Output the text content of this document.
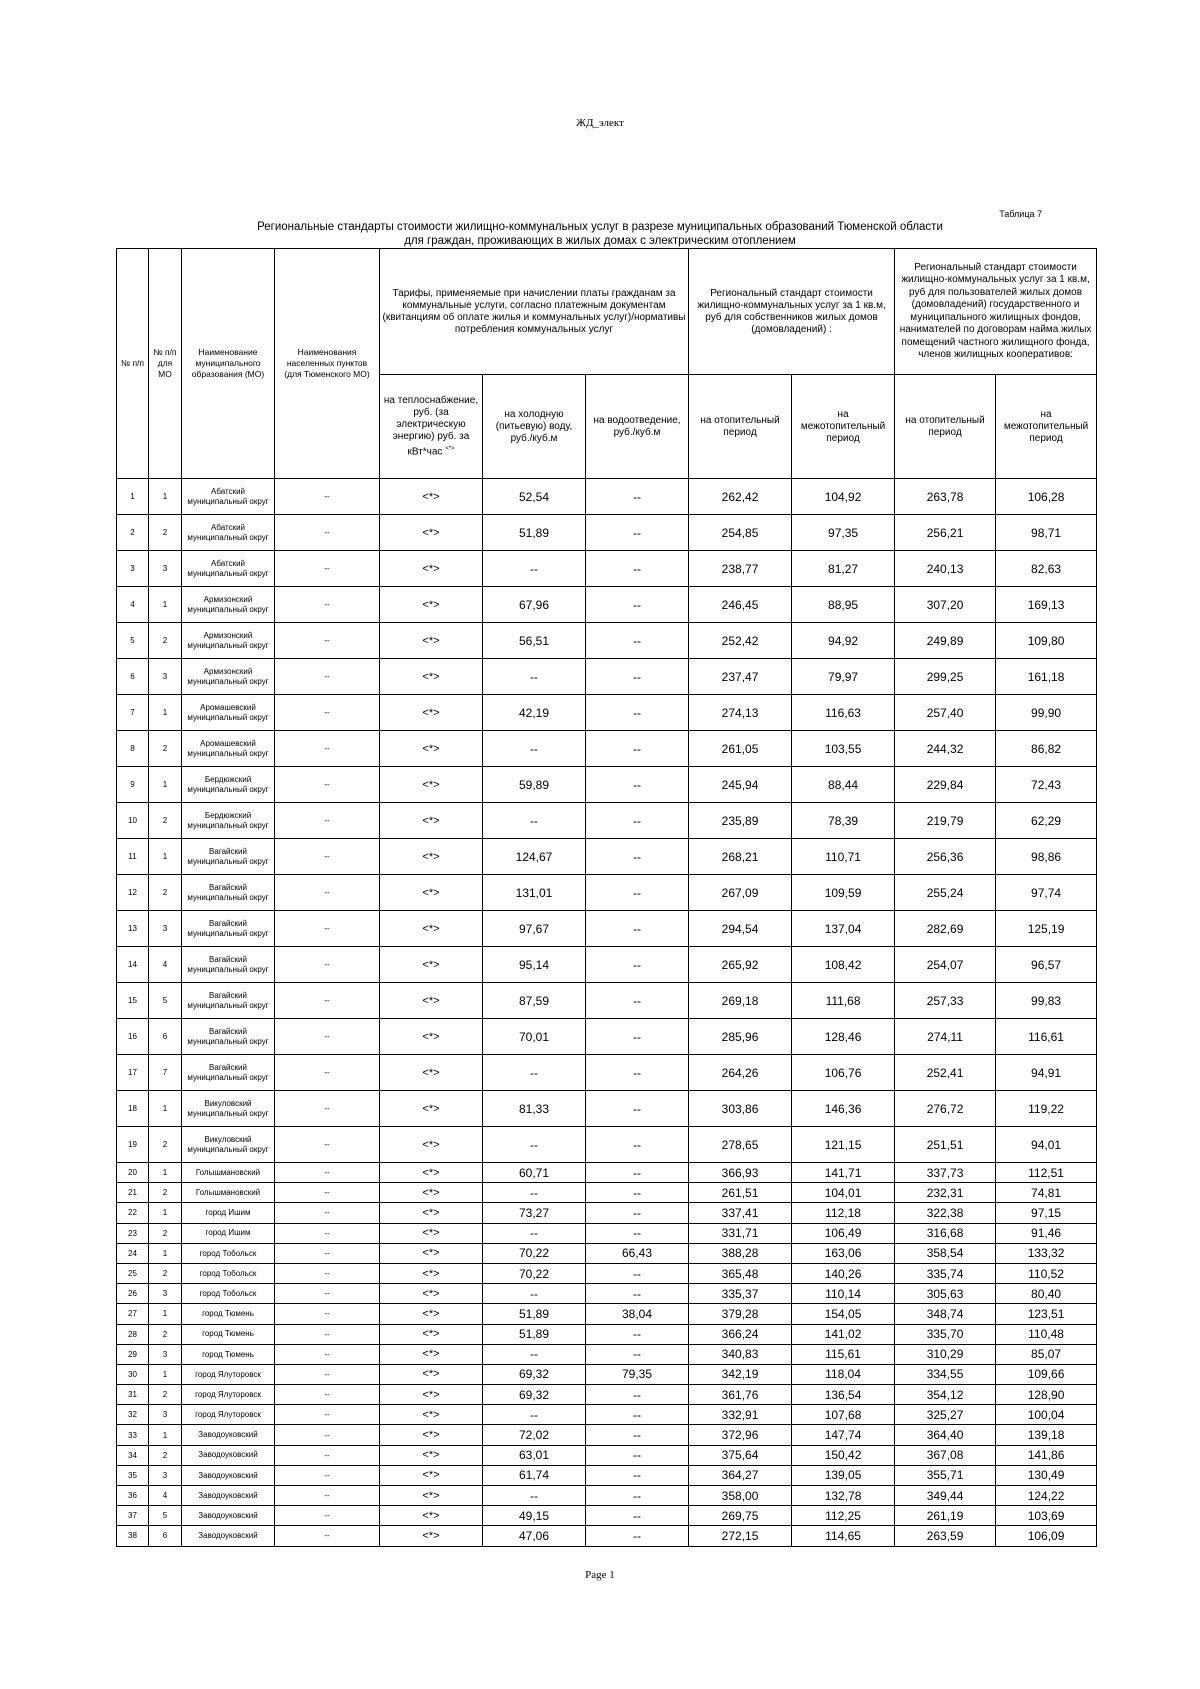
ЖД_элект
Таблица 7
Региональные стандарты стоимости жилищно-коммунальных услуг в разрезе муниципальных образований Тюменской области
для граждан, проживающих в жилых домах с электрическим отоплением
№ п/п	№ п/п для МО	Наименование муниципального образования (МО)	Наименования населенных пунктов (для Тюменского МО)	Тарифы, применяемые при начислении платы гражданам за коммунальные услуги, согласно платежным документам (квитанциям об оплате жилья и коммунальных услуг)/нормативы потребления коммунальных услуг			Региональный стандарт стоимости жилищно-коммунальных услуг за 1 кв.м, руб для собственников жилых домов (домовладений) :		Региональный стандарт стоимости жилищно-коммунальных услуг за 1 кв.м, руб для пользователей жилых домов (домовладений) государственного и муниципального жилищных фондов, нанимателей по договорам найма жилых помещений частного жилищного фонда, членов жилищных кооперативов:	
				на теплоснабжение, руб. (за электрическую энергию) руб. за кВт*час <*>	на холодную (питьевую) воду, руб./куб.м	на водоотведение, руб./куб.м	на отопительный период	на межотопительный период	на отопительный период	на межотопительный период
1	1	Абатский муниципальный округ	--	<*>	52,54	--	262,42	104,92	263,78	106,28
2	2	Абатский муниципальный округ	--	<*>	51,89	--	254,85	97,35	256,21	98,71
3	3	Абатский муниципальный округ	--	<*>	--	--	238,77	81,27	240,13	82,63
4	1	Армизонский муниципальный округ	--	<*>	67,96	--	246,45	88,95	307,20	169,13
5	2	Армизонский муниципальный округ	--	<*>	56,51	--	252,42	94,92	249,89	109,80
6	3	Армизонский муниципальный округ	--	<*>	--	--	237,47	79,97	299,25	161,18
7	1	Аромашевский муниципальный округ	--	<*>	42,19	--	274,13	116,63	257,40	99,90
8	2	Аромашевский муниципальный округ	--	<*>	--	--	261,05	103,55	244,32	86,82
9	1	Бердюжский муниципальный округ	--	<*>	59,89	--	245,94	88,44	229,84	72,43
10	2	Бердюжский муниципальный округ	--	<*>	--	--	235,89	78,39	219,79	62,29
11	1	Вагайский муниципальный округ	--	<*>	124,67	--	268,21	110,71	256,36	98,86
12	2	Вагайский муниципальный округ	--	<*>	131,01	--	267,09	109,59	255,24	97,74
13	3	Вагайский муниципальный округ	--	<*>	97,67	--	294,54	137,04	282,69	125,19
14	4	Вагайский муниципальный округ	--	<*>	95,14	--	265,92	108,42	254,07	96,57
15	5	Вагайский муниципальный округ	--	<*>	87,59	--	269,18	111,68	257,33	99,83
16	6	Вагайский муниципальный округ	--	<*>	70,01	--	285,96	128,46	274,11	116,61
17	7	Вагайский муниципальный округ	--	<*>	--	--	264,26	106,76	252,41	94,91
18	1	Викуловский муниципальный округ	--	<*>	81,33	--	303,86	146,36	276,72	119,22
19	2	Викуловский муниципальный округ	--	<*>	--	--	278,65	121,15	251,51	94,01
20	1	Голышмановский	--	<*>	60,71	--	366,93	141,71	337,73	112,51
21	2	Голышмановский	--	<*>	--	--	261,51	104,01	232,31	74,81
22	1	город Ишим	--	<*>	73,27	--	337,41	112,18	322,38	97,15
23	2	город Ишим	--	<*>	--	--	331,71	106,49	316,68	91,46
24	1	город Тобольск	--	<*>	70,22	66,43	388,28	163,06	358,54	133,32
25	2	город Тобольск	--	<*>	70,22	--	365,48	140,26	335,74	110,52
26	3	город Тобольск	--	<*>	--	--	335,37	110,14	305,63	80,40
27	1	город Тюмень	--	<*>	51,89	38,04	379,28	154,05	348,74	123,51
28	2	город Тюмень	--	<*>	51,89	--	366,24	141,02	335,70	110,48
29	3	город Тюмень	--	<*>	--	--	340,83	115,61	310,29	85,07
30	1	город Ялуторовск	--	<*>	69,32	79,35	342,19	118,04	334,55	109,66
31	2	город Ялуторовск	--	<*>	69,32	--	361,76	136,54	354,12	128,90
32	3	город Ялуторовск	--	<*>	--	--	332,91	107,68	325,27	100,04
33	1	Заводоуковский	--	<*>	72,02	--	372,96	147,74	364,40	139,18
34	2	Заводоуковский	--	<*>	63,01	--	375,64	150,42	367,08	141,86
35	3	Заводоуковский	--	<*>	61,74	--	364,27	139,05	355,71	130,49
36	4	Заводоуковский	--	<*>	--	--	358,00	132,78	349,44	124,22
37	5	Заводоуковский	--	<*>	49,15	--	269,75	112,25	261,19	103,69
38	6	Заводоуковский	--	<*>	47,06	--	272,15	114,65	263,59	106,09
Page 1
